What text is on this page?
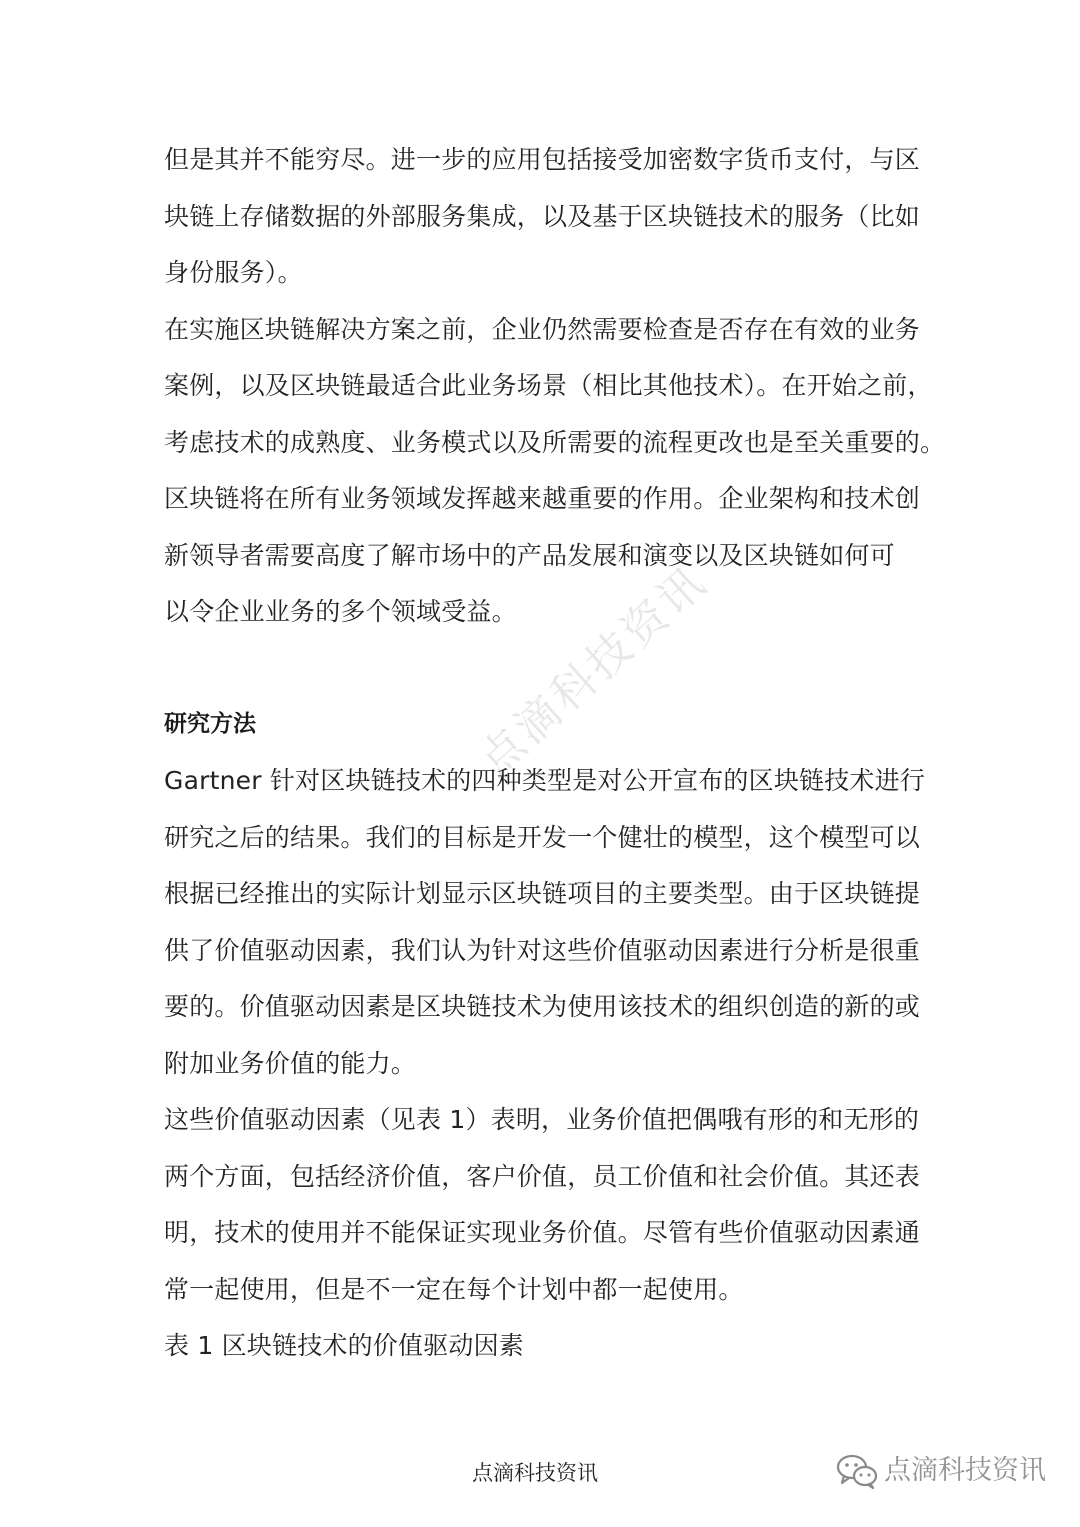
点滴科技资讯

但是其并不能穷尽。进一步的应用包括接受加密数字货币支付，与区
块链上存储数据的外部服务集成，以及基于区块链技术的服务（比如
身份服务）。

在实施区块链解决方案之前，企业仍然需要检查是否存在有效的业务
案例，以及区块链最适合此业务场景（相比其他技术）。在开始之前，
考虑技术的成熟度、业务模式以及所需要的流程更改也是至关重要的。

区块链将在所有业务领域发挥越来越重要的作用。企业架构和技术创
新领导者需要高度了解市场中的产品发展和演变以及区块链如何可
以令企业业务的多个领域受益。

研究方法

Gartner 针对区块链技术的四种类型是对公开宣布的区块链技术进行
研究之后的结果。我们的目标是开发一个健壮的模型，这个模型可以
根据已经推出的实际计划显示区块链项目的主要类型。由于区块链提
供了价值驱动因素，我们认为针对这些价值驱动因素进行分析是很重
要的。价值驱动因素是区块链技术为使用该技术的组织创造的新的或
附加业务价值的能力。

这些价值驱动因素（见表 1）表明，业务价值把偶哦有形的和无形的
两个方面，包括经济价值，客户价值，员工价值和社会价值。其还表
明，技术的使用并不能保证实现业务价值。尽管有些价值驱动因素通
常一起使用，但是不一定在每个计划中都一起使用。

表 1 区块链技术的价值驱动因素

点滴科技资讯	点滴科技资讯
